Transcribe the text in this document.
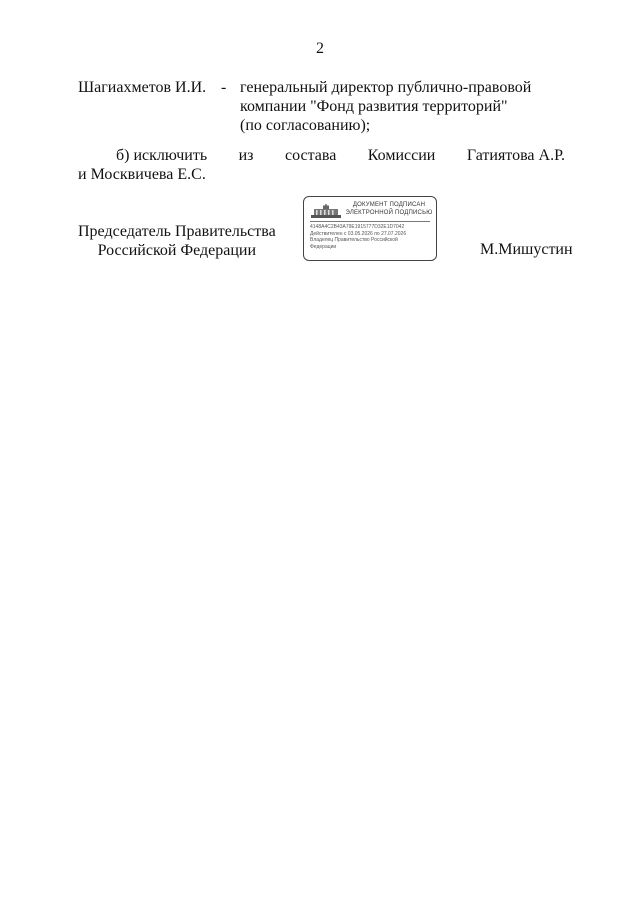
2
Шагиахметов И.И. - генеральный директор публично-правовой
компании "Фонд развития территорий"
(по согласованию);
б) исключить из состава Комиссии Гатиятова А.Р.
и Москвичева Е.С.
Председатель Правительства
Российской Федерации
ДОКУМЕНТ ПОДПИСАН
ЭЛЕКТРОННОЙ ПОДПИСЬЮ
4148A4C2B43A79E1915777D32E1D7042
Действителен с 03.05.2026 по 27.07.2026
Владелец Правительство Российской
Федерации	М.Мишустин
